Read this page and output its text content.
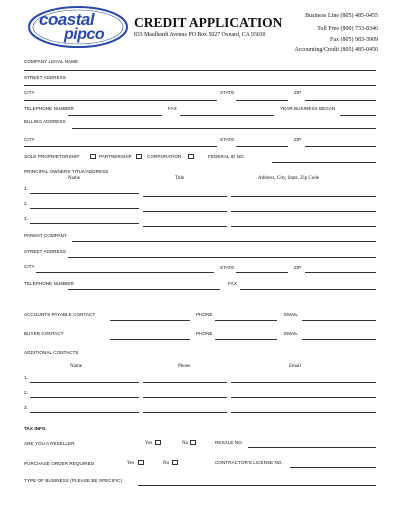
coastal
pipco
CREDIT APPLICATION
833 Maulhardt Avenue PO Box 5027 Oxnard, CA 93030
Business Line (805) 485-0455
Toll Free (800) 733-8346
Fax (805) 983-3909
Accounting/Credit (805) 485-0456
COMPANY LEGAL NAME
STREET ADDRESS
CITY	STATE	ZIP
TELEPHONE NUMBER	FAX	YEAR BUSINESS BEGAN
BILLING ADDRESS
CITY	STATE	ZIP
SOLE PROPRIETORSHIP	PARTNERSHIP	CORPORATION	FEDERAL ID NO.
PRINCIPAL OWNERS TITLE/ADDRESS
Name	Title	Address, City, State, Zip Code
1.
2.
3.
PARENT COMPANY
STREET ADDRESS
CITY	STATE	ZIP
TELEPHONE NUMBER	FAX
ACCOUNTS PAYABLE CONTACT	PHONE	EMAIL
BUYER CONTACT	PHONE	EMAIL
ADDITIONAL CONTACTS
Name	Phone	Email
1.
2.
3.
TAX INFO.
ARE YOU A RESELLER	Yes	No	RESALE NO.
PURCHASE ORDER REQUIRED	Yes	No	CONTRACTOR'S LICENSE NO.
TYPE OF BUSINESS (PLEASE BE SPECIFIC)
